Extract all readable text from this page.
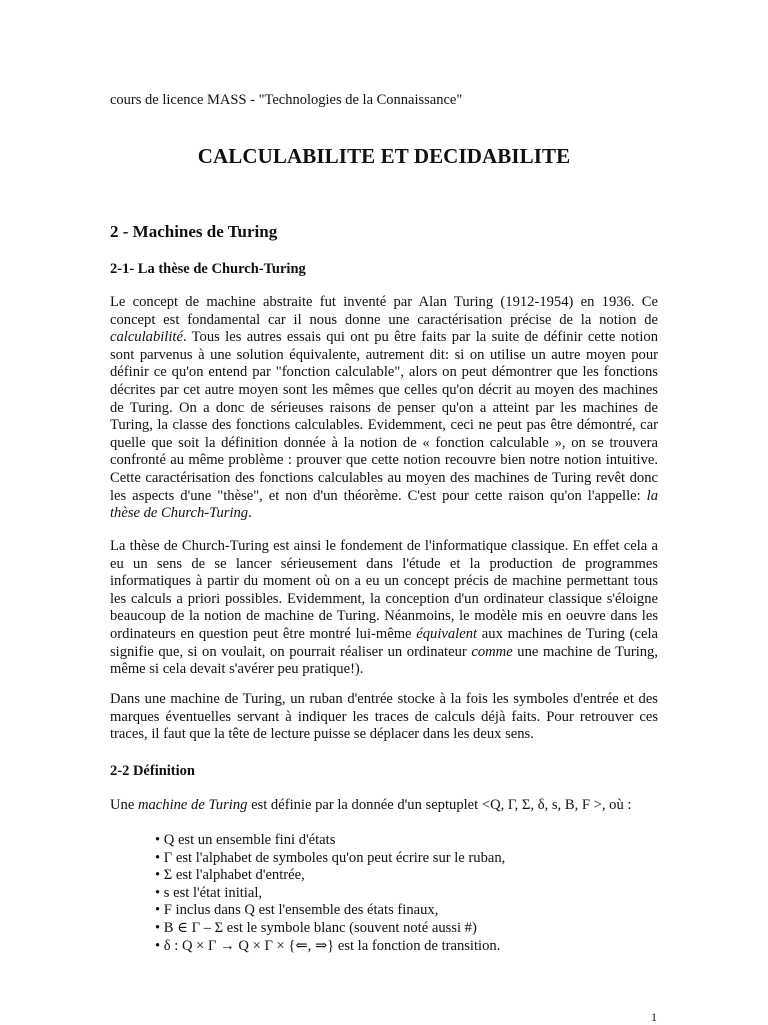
cours de licence MASS - "Technologies de la Connaissance"
CALCULABILITE ET DECIDABILITE
2 - Machines de Turing
2-1- La thèse de Church-Turing
Le concept de machine abstraite fut inventé par Alan Turing (1912-1954) en 1936. Ce concept est fondamental car il nous donne une caractérisation précise de la notion de calculabilité. Tous les autres essais qui ont pu être faits par la suite de définir cette notion sont parvenus à une solution équivalente, autrement dit: si on utilise un autre moyen pour définir ce qu'on entend par "fonction calculable", alors on peut démontrer que les fonctions décrites par cet autre moyen sont les mêmes que celles qu'on décrit au moyen des machines de Turing. On a donc de sérieuses raisons de penser qu'on a atteint par les machines de Turing, la classe des fonctions calculables. Evidemment, ceci ne peut pas être démontré, car quelle que soit la définition donnée à la notion de « fonction calculable », on se trouvera confronté au même problème : prouver que cette notion recouvre bien notre notion intuitive. Cette caractérisation des fonctions calculables au moyen des machines de Turing revêt donc les aspects d'une "thèse", et non d'un théorème. C'est pour cette raison qu'on l'appelle: la thèse de Church-Turing.
La thèse de Church-Turing est ainsi le fondement de l'informatique classique. En effet cela a eu un sens de se lancer sérieusement dans l'étude et la production de programmes informatiques à partir du moment où on a eu un concept précis de machine permettant tous les calculs a priori possibles. Evidemment, la conception d'un ordinateur classique s'éloigne beaucoup de la notion de machine de Turing. Néanmoins, le modèle mis en oeuvre dans les ordinateurs en question peut être montré lui-même équivalent aux machines de Turing (cela signifie que, si on voulait, on pourrait réaliser un ordinateur comme une machine de Turing, même si cela devait s'avérer peu pratique!).
Dans une machine de Turing, un ruban d'entrée stocke à la fois les symboles d'entrée et des marques éventuelles servant à indiquer les traces de calculs déjà faits. Pour retrouver ces traces, il faut que la tête de lecture puisse se déplacer dans les deux sens.
2-2 Définition
Une machine de Turing est définie par la donnée d'un septuplet <Q, Γ, Σ, δ, s, B, F >, où :
• Q est un ensemble fini d'états
• Γ est l'alphabet de symboles qu'on peut écrire sur le ruban,
• Σ est l'alphabet d'entrée,
• s est l'état initial,
• F inclus dans Q est l'ensemble des états finaux,
• B ∈ Γ – Σ est le symbole blanc (souvent noté aussi #)
• δ : Q × Γ → Q × Γ × {⇐, ⇒} est la fonction de transition.
1
